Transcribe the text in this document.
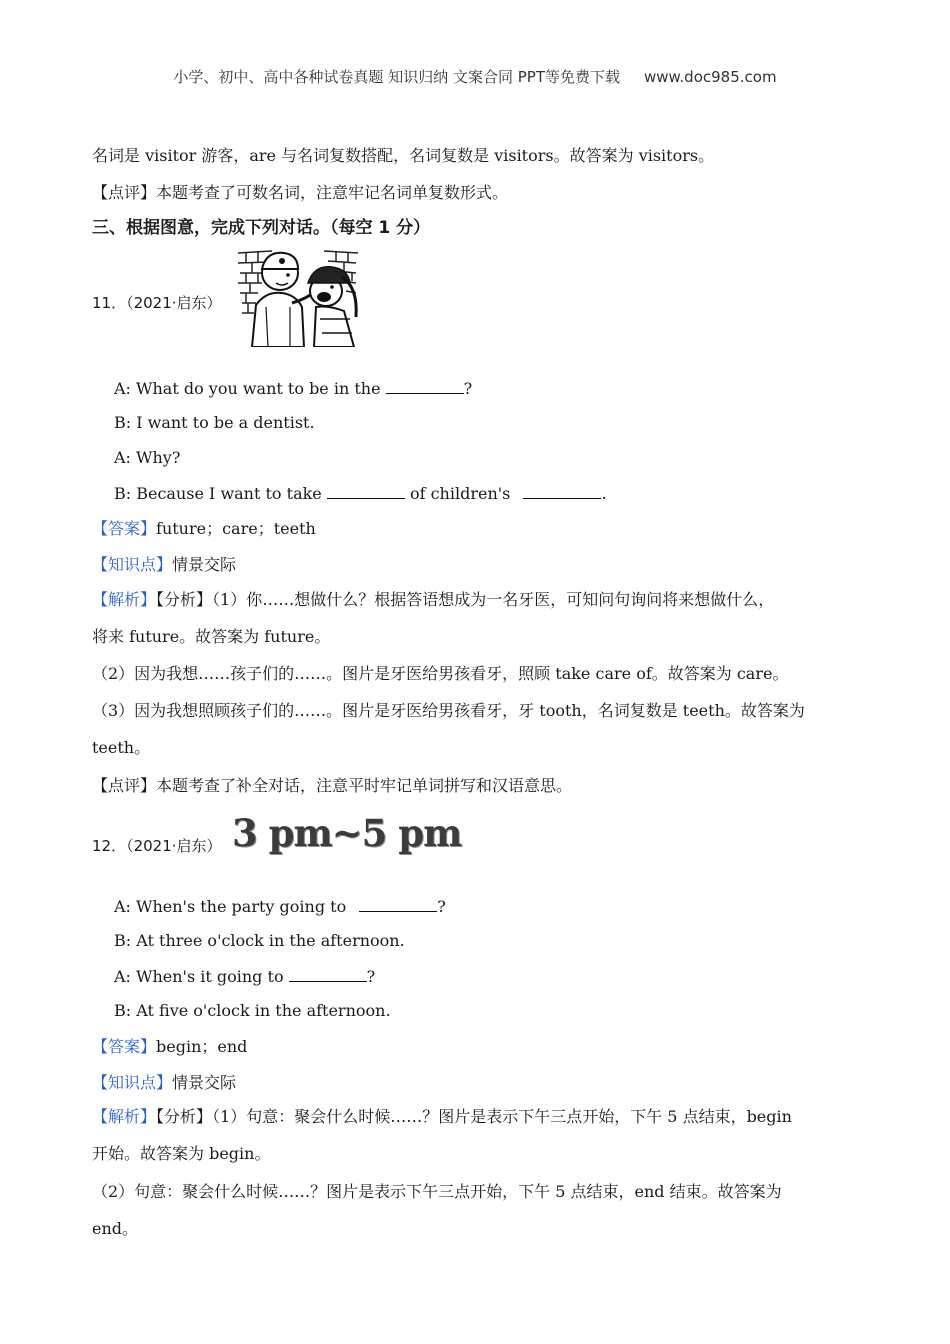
小学、初中、高中各种试卷真题 知识归纳 文案合同 PPT等免费下载 www.doc985.com
名词是 visitor 游客，are 与名词复数搭配，名词复数是 visitors。故答案为 visitors。
【点评】本题考查了可数名词，注意牢记名词单复数形式。
三、根据图意，完成下列对话。（每空 1 分）
11．（2021·启东）
A: What do you want to be in the	?
B: I want to be a dentist.
A: Why?
B: Because I want to take	of children's	.
【答案】future；care；teeth
【知识点】情景交际
【解析】【分析】（1）你……想做什么？根据答语想成为一名牙医，可知问句询问将来想做什么，
将来 future。故答案为 future。
（2）因为我想……孩子们的……。图片是牙医给男孩看牙，照顾 take care of。故答案为 care。
（3）因为我想照顾孩子们的……。图片是牙医给男孩看牙，牙 tooth，名词复数是 teeth。故答案为
teeth。
【点评】本题考查了补全对话，注意平时牢记单词拼写和汉语意思。
12．（2021·启东） 3 pm~5 pm
A: When's the party going to	?
B: At three o'clock in the afternoon.
A: When's it going to	?
B: At five o'clock in the afternoon.
【答案】begin；end
【知识点】情景交际
【解析】【分析】（1）句意：聚会什么时候……？图片是表示下午三点开始，下午 5 点结束，begin
开始。故答案为 begin。
（2）句意：聚会什么时候……？图片是表示下午三点开始，下午 5 点结束，end 结束。故答案为
end。
